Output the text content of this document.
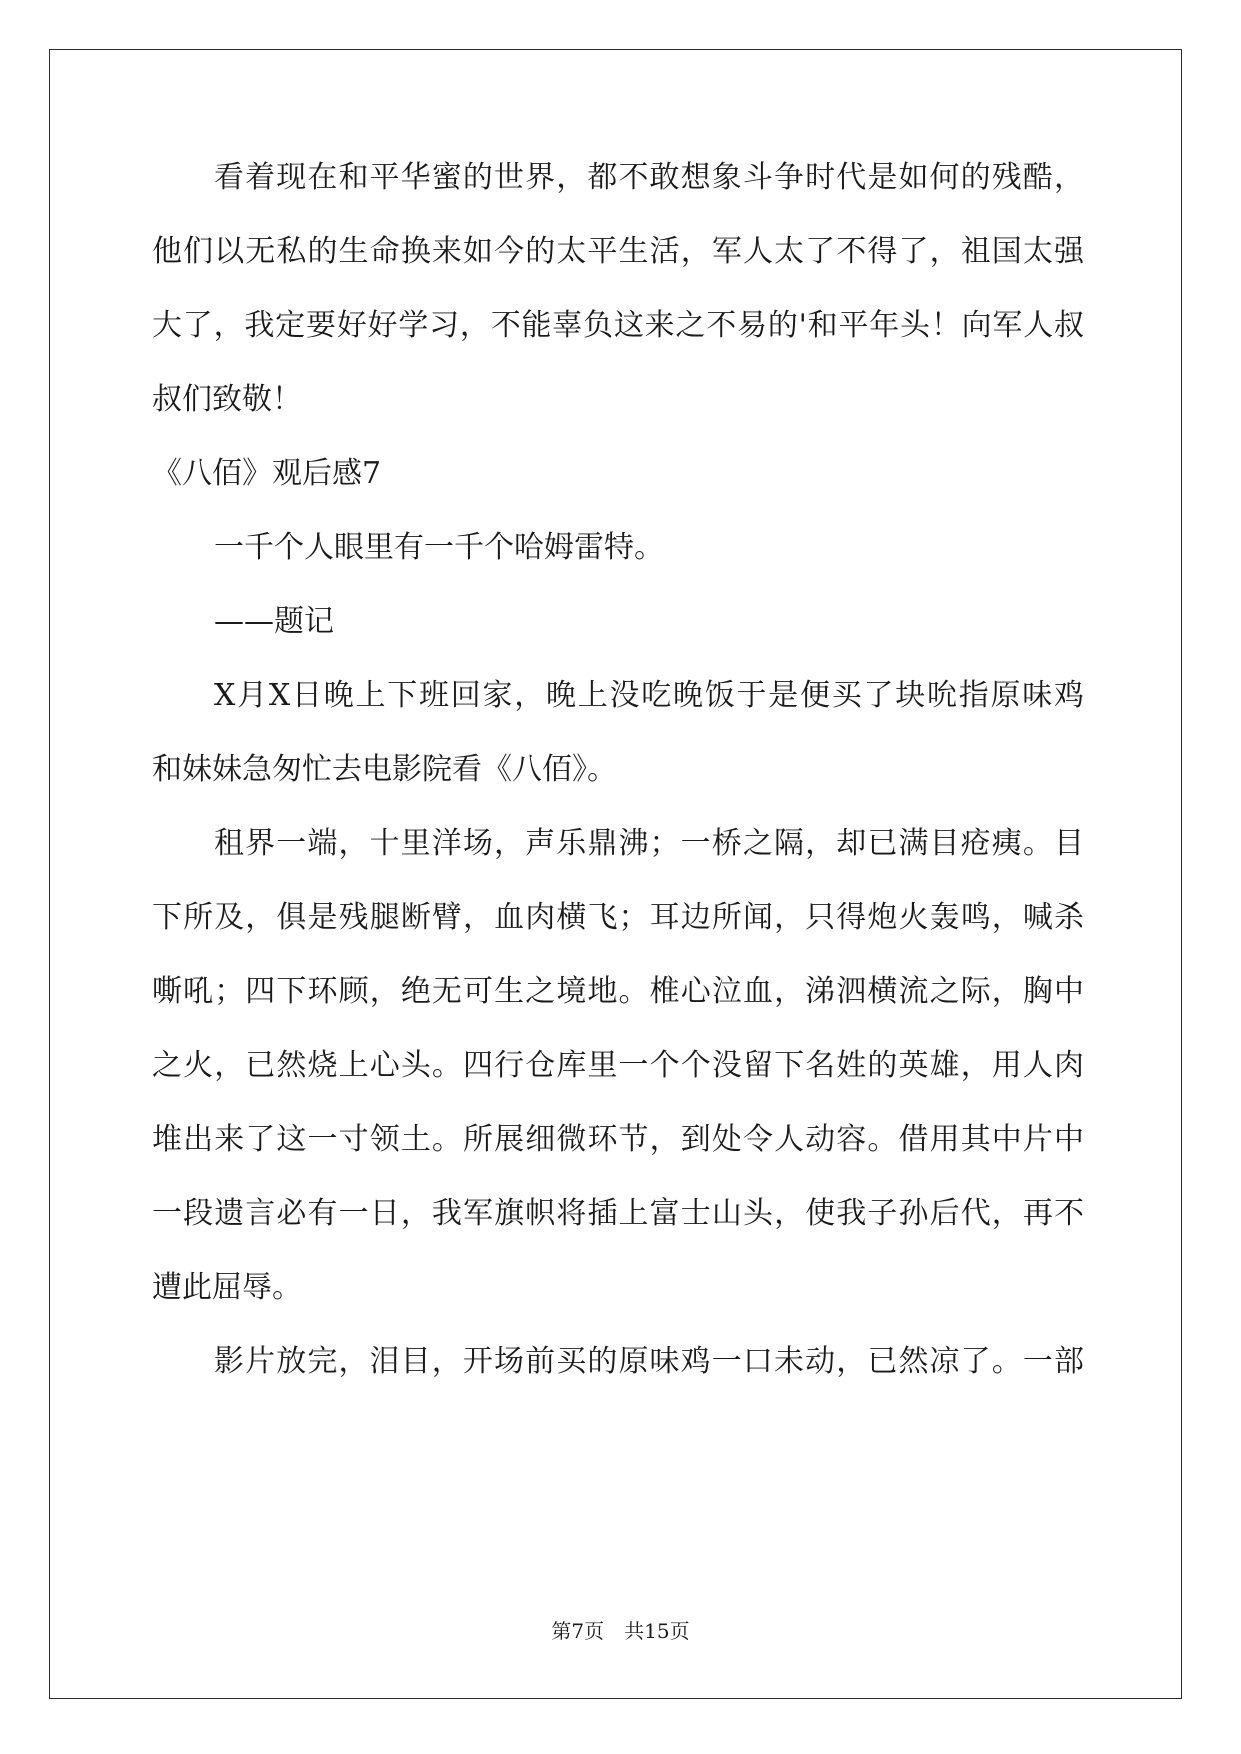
看着现在和平华蜜的世界，都不敢想象斗争时代是如何的残酷，
他们以无私的生命换来如今的太平生活，军人太了不得了，祖国太强
大了，我定要好好学习，不能辜负这来之不易的'和平年头！向军人叔
叔们致敬！
《八佰》观后感7
一千个人眼里有一千个哈姆雷特。
——题记
X月X日晚上下班回家，晚上没吃晚饭于是便买了块吮指原味鸡
和妹妹急匆忙去电影院看《八佰》。
租界一端，十里洋场，声乐鼎沸；一桥之隔，却已满目疮痍。目
下所及，俱是残腿断臂，血肉横飞；耳边所闻，只得炮火轰鸣，喊杀
嘶吼；四下环顾，绝无可生之境地。椎心泣血，涕泗横流之际，胸中
之火，已然烧上心头。四行仓库里一个个没留下名姓的英雄，用人肉
堆出来了这一寸领土。所展细微环节，到处令人动容。借用其中片中
一段遗言必有一日，我军旗帜将插上富士山头，使我子孙后代，再不
遭此屈辱。
影片放完，泪目，开场前买的原味鸡一口未动，已然凉了。一部
第7页　共15页
